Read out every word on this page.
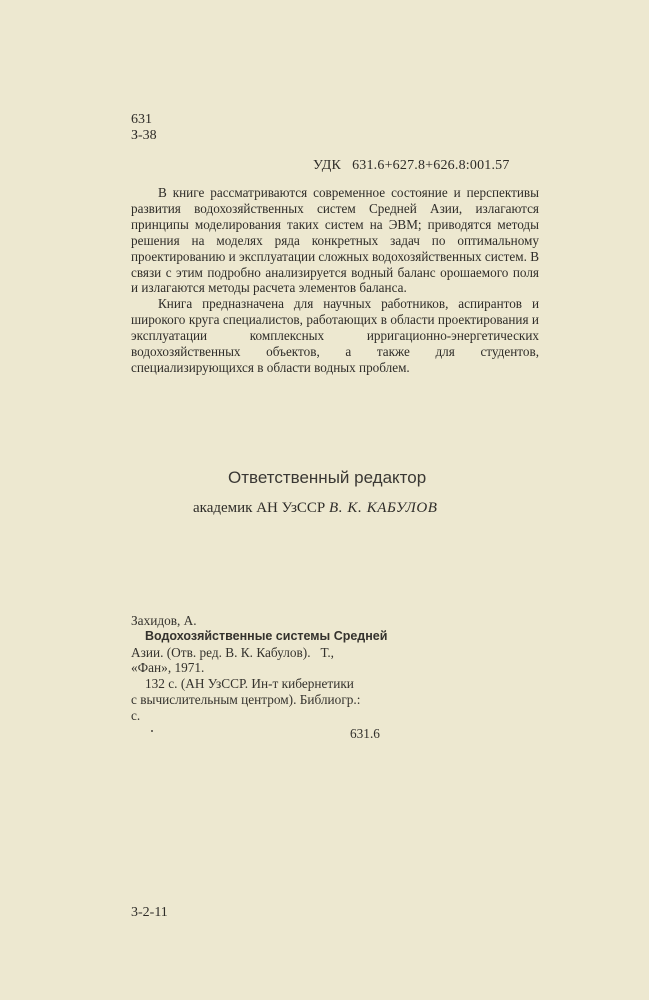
631
З-38
УДК   631.6+627.8+626.8:001.57

В книге рассматриваются современное состояние и перспективы развития водохозяйственных систем Средней Азии, излагаются принципы моделирования таких систем на ЭВМ; приводятся методы решения на моделях ряда конкретных задач по оптимальному проектированию и эксплуатации сложных водохозяйственных систем. В связи с этим подробно анализируется водный баланс орошаемого поля и излагаются методы расчета элементов баланса.

Книга предназначена для научных работников, аспирантов и широкого круга специалистов, работающих в области проектирования и эксплуатации комплексных ирригационно-энергетических водохозяйственных объектов, а также для студентов, специализирующихся в области водных проблем.

Ответственный редактор
академик АН УзССР В. К. КАБУЛОВ
Захидов, А.
Водохозяйственные системы Средней
Азии. (Отв. ред. В. К. Кабулов).   Т.,
«Фан», 1971.
132 с. (АН УзССР. Ин-т кибернетики
с вычислительным центром). Библиогр.:
с.
631.6
3-2-11
